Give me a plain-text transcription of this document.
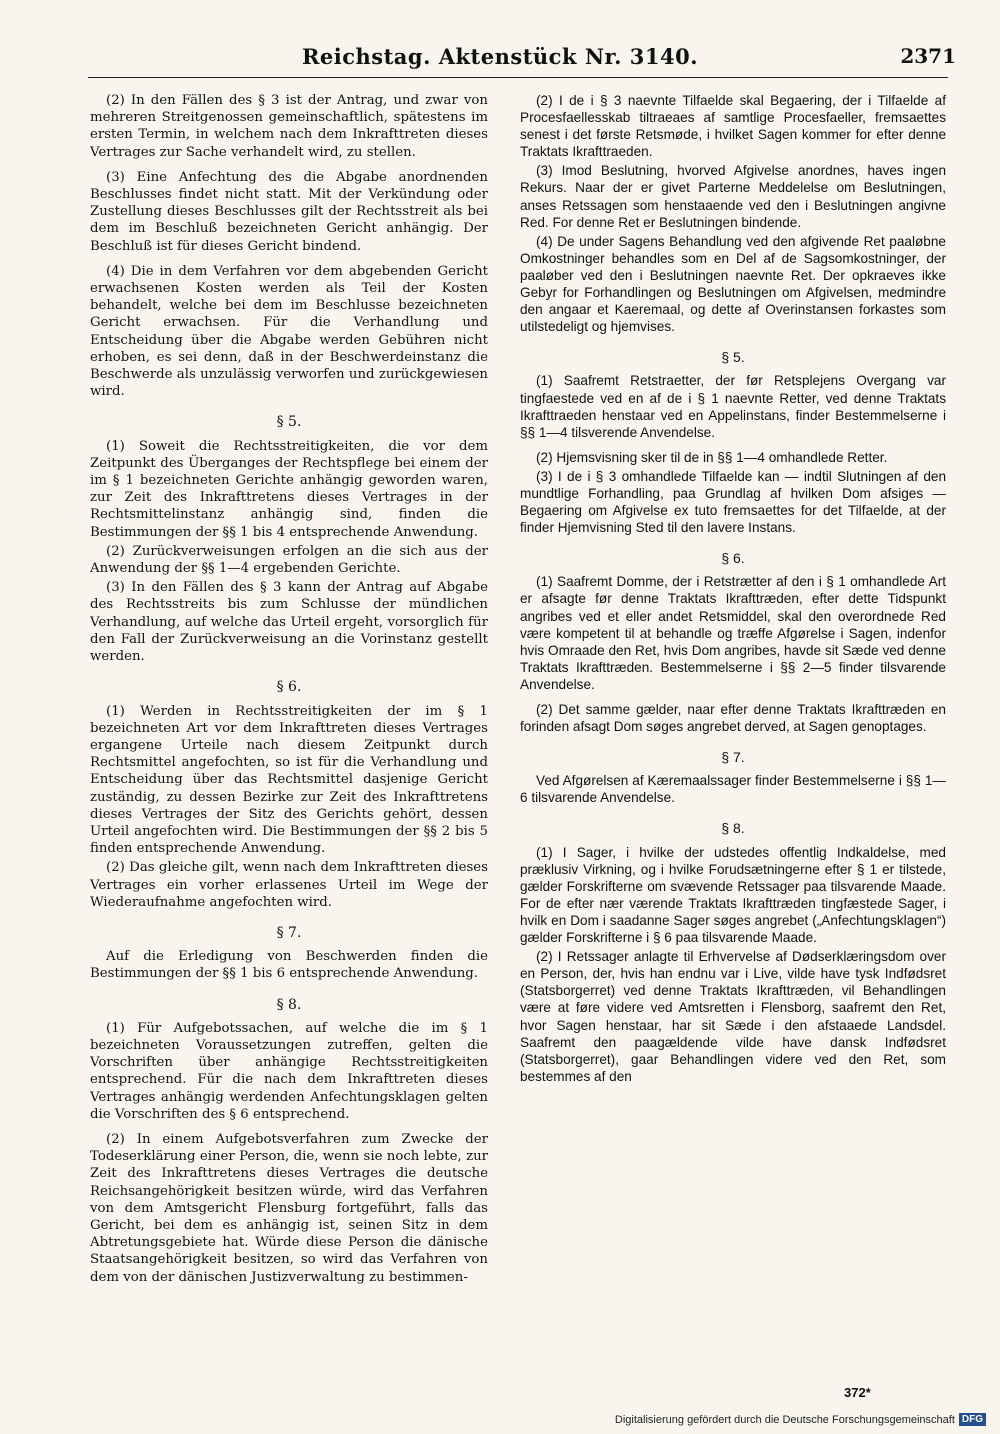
Reichstag. Aktenstück Nr. 3140.	2371

(2) In den Fällen des § 3 ist der Antrag, und zwar von mehreren Streitgenossen gemeinschaftlich, spätestens im ersten Termin, in welchem nach dem Inkrafttreten dieses Vertrages zur Sache verhandelt wird, zu stellen.

(3) Eine Anfechtung des die Abgabe anordnenden Beschlusses findet nicht statt. Mit der Verkündung oder Zustellung dieses Beschlusses gilt der Rechtsstreit als bei dem im Beschluß bezeichneten Gericht anhängig. Der Beschluß ist für dieses Gericht bindend.

(4) Die in dem Verfahren vor dem abgebenden Gericht erwachsenen Kosten werden als Teil der Kosten behandelt, welche bei dem im Beschlusse bezeichneten Gericht erwachsen. Für die Verhandlung und Entscheidung über die Abgabe werden Gebühren nicht erhoben, es sei denn, daß in der Beschwerdeinstanz die Beschwerde als unzulässig verworfen und zurückgewiesen wird.

§ 5.

(1) Soweit die Rechtsstreitigkeiten, die vor dem Zeitpunkt des Überganges der Rechtspflege bei einem der im § 1 bezeichneten Gerichte anhängig geworden waren, zur Zeit des Inkrafttretens dieses Vertrages in der Rechtsmittelinstanz anhängig sind, finden die Bestimmungen der §§ 1 bis 4 entsprechende Anwendung.

(2) Zurückverweisungen erfolgen an die sich aus der Anwendung der §§ 1—4 ergebenden Gerichte.

(3) In den Fällen des § 3 kann der Antrag auf Abgabe des Rechtsstreits bis zum Schlusse der mündlichen Verhandlung, auf welche das Urteil ergeht, vorsorglich für den Fall der Zurückverweisung an die Vorinstanz gestellt werden.

§ 6.

(1) Werden in Rechtsstreitigkeiten der im § 1 bezeichneten Art vor dem Inkrafttreten dieses Vertrages ergangene Urteile nach diesem Zeitpunkt durch Rechtsmittel angefochten, so ist für die Verhandlung und Entscheidung über das Rechtsmittel dasjenige Gericht zuständig, zu dessen Bezirke zur Zeit des Inkrafttretens dieses Vertrages der Sitz des Gerichts gehört, dessen Urteil angefochten wird. Die Bestimmungen der §§ 2 bis 5 finden entsprechende Anwendung.

(2) Das gleiche gilt, wenn nach dem Inkrafttreten dieses Vertrages ein vorher erlassenes Urteil im Wege der Wiederaufnahme angefochten wird.

§ 7.

Auf die Erledigung von Beschwerden finden die Bestimmungen der §§ 1 bis 6 entsprechende Anwendung.

§ 8.

(1) Für Aufgebotssachen, auf welche die im § 1 bezeichneten Voraussetzungen zutreffen, gelten die Vorschriften über anhängige Rechtsstreitigkeiten entsprechend. Für die nach dem Inkrafttreten dieses Vertrages anhängig werdenden Anfechtungsklagen gelten die Vorschriften des § 6 entsprechend.

(2) In einem Aufgebotsverfahren zum Zwecke der Todeserklärung einer Person, die, wenn sie noch lebte, zur Zeit des Inkrafttretens dieses Vertrages die deutsche Reichsangehörigkeit besitzen würde, wird das Verfahren von dem Amtsgericht Flensburg fortgeführt, falls das Gericht, bei dem es anhängig ist, seinen Sitz in dem Abtretungsgebiete hat. Würde diese Person die dänische Staatsangehörigkeit besitzen, so wird das Verfahren von dem von der dänischen Justizverwaltung zu bestimmen-

(2) I de i § 3 naevnte Tilfaelde skal Begaering, der i Tilfaelde af Procesfaellesskab tiltraeaes af samtlige Procesfaeller, fremsaettes senest i det første Retsmøde, i hvilket Sagen kommer for efter denne Traktats Ikrafttraeden.

(3) Imod Beslutning, hvorved Afgivelse anordnes, haves ingen Rekurs. Naar der er givet Parterne Meddelelse om Beslutningen, anses Retssagen som henstaaende ved den i Beslutningen angivne Red. For denne Ret er Beslutningen bindende.

(4) De under Sagens Behandlung ved den afgivende Ret paaløbne Omkostninger behandles som en Del af de Sagsomkostninger, der paaløber ved den i Beslutningen naevnte Ret. Der opkraeves ikke Gebyr for Forhandlingen og Beslutningen om Afgivelsen, medmindre den angaar et Kaeremaal, og dette af Overinstansen forkastes som utilstedeligt og hjemvises.

§ 5.

(1) Saafremt Retstraetter, der før Retsplejens Overgang var tingfaestede ved en af de i § 1 naevnte Retter, ved denne Traktats Ikrafttraeden henstaar ved en Appelinstans, finder Bestemmelserne i §§ 1—4 tilsverende Anvendelse.

(2) Hjemsvisning sker til de in §§ 1—4 omhandlede Retter.

(3) I de i § 3 omhandlede Tilfaelde kan — indtil Slutningen af den mundtlige Forhandling, paa Grundlag af hvilken Dom afsiges — Begaering om Afgivelse ex tuto fremsaettes for det Tilfaelde, at der finder Hjemvisning Sted til den lavere Instans.

§ 6.

(1) Saafremt Domme, der i Retstrætter af den i § 1 omhandlede Art er afsagte før denne Traktats Ikrafttræden, efter dette Tidspunkt angribes ved et eller andet Retsmiddel, skal den overordnede Red være kompetent til at behandle og træffe Afgørelse i Sagen, indenfor hvis Omraade den Ret, hvis Dom angribes, havde sit Sæde ved denne Traktats Ikrafttræden. Bestemmelserne i §§ 2—5 finder tilsvarende Anvendelse.

(2) Det samme gælder, naar efter denne Traktats Ikrafttræden en forinden afsagt Dom søges angrebet derved, at Sagen genoptages.

§ 7.

Ved Afgørelsen af Kæremaalssager finder Bestemmelserne i §§ 1—6 tilsvarende Anvendelse.

§ 8.

(1) I Sager, i hvilke der udstedes offentlig Indkaldelse, med præklusiv Virkning, og i hvilke Forudsætningerne efter § 1 er tilstede, gælder Forskrifterne om svævende Retssager paa tilsvarende Maade. For de efter nær værende Traktats Ikrafttræden tingfæstede Sager, i hvilk en Dom i saadanne Sager søges angrebet („Anfechtungsklagen“) gælder Forskrifterne i § 6 paa tilsvarende Maade.

(2) I Retssager anlagte til Erhvervelse af Dødserklæringsdom over en Person, der, hvis han endnu var i Live, vilde have tysk Indfødsret (Statsborgerret) ved denne Traktats Ikrafttræden, vil Behandlingen være at føre videre ved Amtsretten i Flensborg, saafremt den Ret, hvor Sagen henstaar, har sit Sæde i den afstaaede Landsdel. Saafremt den paagældende vilde have dansk Indfødsret (Statsborgerret), gaar Behandlingen videre ved den Ret, som bestemmes af den

372*
Digitalisierung gefördert durch die Deutsche Forschungsgemeinschaft DFG
